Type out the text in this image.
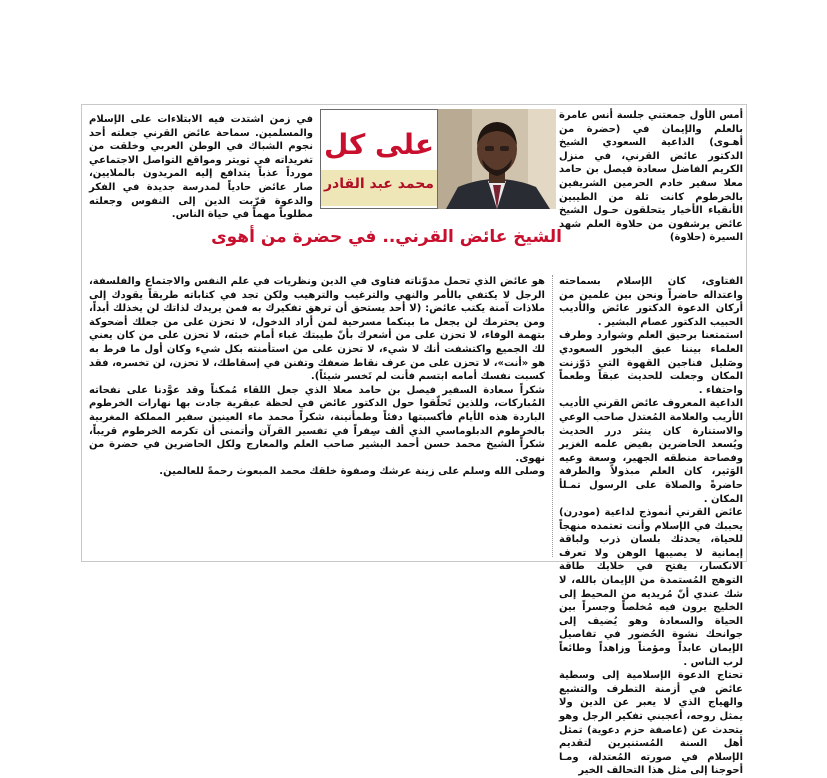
أمس الأول جمعتني جلسة أنس عامرة بالعلم والإيمان في (حضرة من أهـوى) الداعية السعودي الشيخ الدكتور عائض القرني، في منزل الكريم الفاضل سعادة فيصل بن حامد معلا سفير خادم الحرمين الشريفين بالخرطوم كانت ثلة من الطيبين الأنقياء الأخيار يتحلقون حـول الشيخ عائض يرشفون من حلاوة العلم شهد السيرة (حلاوة)

على كل
محمد عبد القادر

في زمن اشتدت فيه الابتلاءات على الإسلام والمسلمين. سماحة عائض القرني جعلته أحد نجوم الشباك في الوطن العربي وخلقت من تغريداته في تويتر ومواقع التواصل الاجتماعي مورداً عذباً يتدافع إليه المريدون بالملايين، صار عائض حادياً لمدرسة جديدة في الفكر والدعوة قرّبت الدين إلى النفوس وجعلته مطلوباً مهماً في حياة الناس.

الشيخ عائض القرني.. في حضرة من أهوى

الفتاوى، كان الإسلام بسماحته واعتداله حاضراً ونحن بين علمين من أركان الدعوة الدكتور عائض والأديب الحبيب الدكتور عصام البشير .

استمتعنا برحيق العلم وشوارد وطرف العلماء بيننا عبق البخور السعودي وصَليل فناجين القهوة التي دَوّزنت المكان وجعلت للحديث عبقاً وطعماً واحتفاء .

الداعية المعروف عائض القرني الأديب الأريب والعلامة المُعتدل صاحب الوعي والاستنارة كان ينثر درر الحديث ويُسعد الحاضرين بفيض علمه الغزير وفصاحة منطقه الجهير، وسعة وعيه الوَثير، كان العلم مبذولاً والطرفة حاضرةً والصلاة على الرسول تمـلأ المكان .

عائض القرني أنموذج لداعية (مودرن) يحببك في الإسلام وأنت تعتمده منهجاً للحياة، يحدثك بلسان ذرب ولباقة إيمانية لا يصيبها الوهن ولا تعرف الانكسار، يفتح في خلايك طاقة التوهج المُستمدة من الإيمان بالله، لا شك عندي أنّ مُريديه من المحيط إلى الخليج يرون فيه مُخلصاً وجسراً بين الحياة والسعادة وهو يُضيف إلى جوانحك نشوة الحُضور في تفاصيل الإيمان عابداً ومؤمناً وزاهداً وطائعاً لرب الناس .

تحتاج الدعوة الإسلامية إلى وسطية عائض في أزمنة التطرف والتشيع والهياج الذي لا يعبر عن الدين ولا يمثل روحه، أعجبني تفكير الرجل وهو يتحدث عن (عاصفة حزم دعوية) تمثل أهل السنة المُستنيرين لتقديم الإسلام في صورته المُعتدلة، ومـا أحوجنا إلى مثل هذا التحالف الخير

هو عائض الذي تحمل مدوّناته فتاوى في الدين ونظريات في علم النفس والاجتماع والفلسفة، الرجل لا يكتفي بالأمر والنهي والترغيب والترهيب ولكن تجد في كتاباته طريقاً يقودك إلى ملاذات آمنة يكتب عائض: (لا أحد يستحق أن ترهق تفكيرك به فمن يريدك لذاتك لن يخذلك أبداً، ومن يحترمك لن يجعل ما بينكما مسرحية لمن أراد الدخول، لا تحزن على من جعلك أضحوكة بتهمة الوفاء، لا تحزن على من أشعرك بأنّ طيبتك غباء أمام خبثه، لا تحزن على من كان يعني لك الجميع واكتشفت أنك لا شيء، لا تحزن على من استأمنته بكل شيء وكان أول ما فرط به هو «أنت»، لا تحزن على من عرف نقاط ضعفك وتفنن في إسقاطك، لا تحزن، لن تخسره، فقد كسبت نفسك أمامه ابتسم فأنت لم تَخسر شيئاً).

شكراً سعادة السفير فيصل بن حامد معلا الذي جعل اللقاء مُمكناً وقد عوَّدنا على نفحاته المُباركات، وللذين تَحلّقوا حول الدكتور عائض في لحظة عبقرية جادت بها نهارات الخرطوم الباردة هذه الأيام فأكسبتها دفئاً وطمأنينة، شكراً محمد ماء العينين سفير المملكة المغربية بالخرطوم الدبلوماسي الذي ألف سِفراً في تفسير القرآن وأتمنى أن تكرمه الخرطوم قريباً، شكراً الشيخ محمد حسن أحمد البشير صاحب العلم والمعارج ولكل الحاضرين في حضرة من نهوى.

وصلى الله وسلم على زينة عرشك وصفوة خلقك محمد المبعوث رحمةً للعالمين.
